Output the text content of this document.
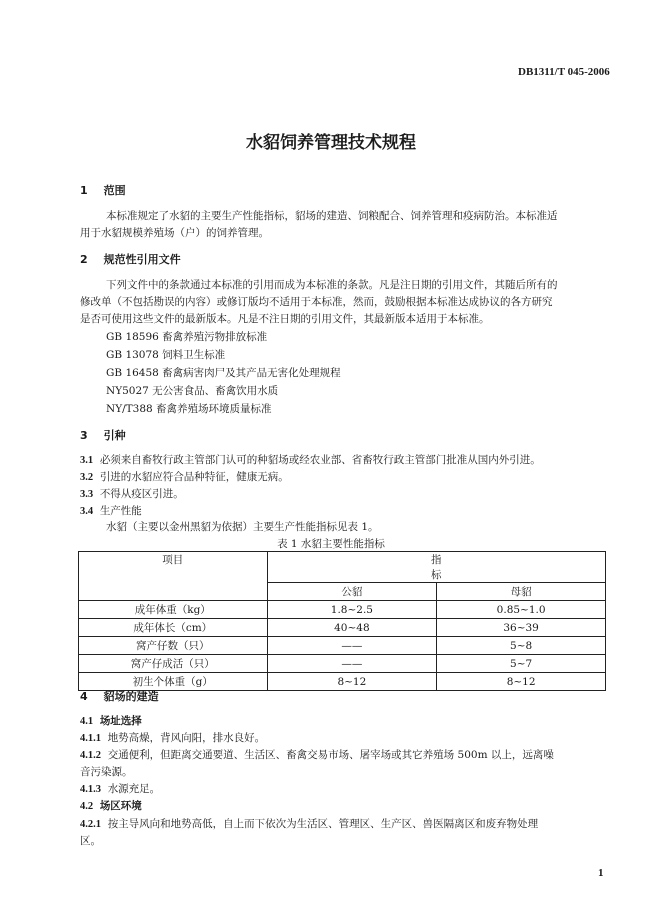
DB1311/T 045-2006
水貂饲养管理技术规程
1 范围
本标准规定了水貂的主要生产性能指标，貂场的建造、饲粮配合、饲养管理和疫病防治。本标准适
用于水貂规模养殖场（户）的饲养管理。
2 规范性引用文件
下列文件中的条款通过本标准的引用而成为本标准的条款。凡是注日期的引用文件，其随后所有的
修改单（不包括勘误的内容）或修订版均不适用于本标准，然而，鼓励根据本标准达成协议的各方研究
是否可使用这些文件的最新版本。凡是不注日期的引用文件，其最新版本适用于本标准。
GB 18596 畜禽养殖污物排放标准
GB 13078 饲料卫生标准
GB 16458 畜禽病害肉尸及其产品无害化处理规程
NY5027 无公害食品、畜禽饮用水质
NY/T388 畜禽养殖场环境质量标准
3 引种
3.1 必须来自畜牧行政主管部门认可的种貂场或经农业部、省畜牧行政主管部门批准从国内外引进。
3.2 引进的水貂应符合品种特征，健康无病。
3.3 不得从疫区引进。
3.4 生产性能
水貂（主要以金州黑貂为依据）主要生产性能指标见表 1。
表 1 水貂主要性能指标
项目	指标	
	公貂	母貂
成年体重（kg）	1.8~2.5	0.85~1.0
成年体长（cm）	40~48	36~39
窝产仔数（只）	——	5~8
窝产仔成活（只）	——	5~7
初生个体重（g）	8~12	8~12
4 貂场的建造
4.1 场址选择
4.1.1 地势高燥，背风向阳，排水良好。
4.1.2 交通便利，但距离交通要道、生活区、畜禽交易市场、屠宰场或其它养殖场 500m 以上，远离噪
音污染源。
4.1.3 水源充足。
4.2 场区环境
4.2.1 按主导风向和地势高低，自上而下依次为生活区、管理区、生产区、兽医隔离区和废弃物处理
区。
1
